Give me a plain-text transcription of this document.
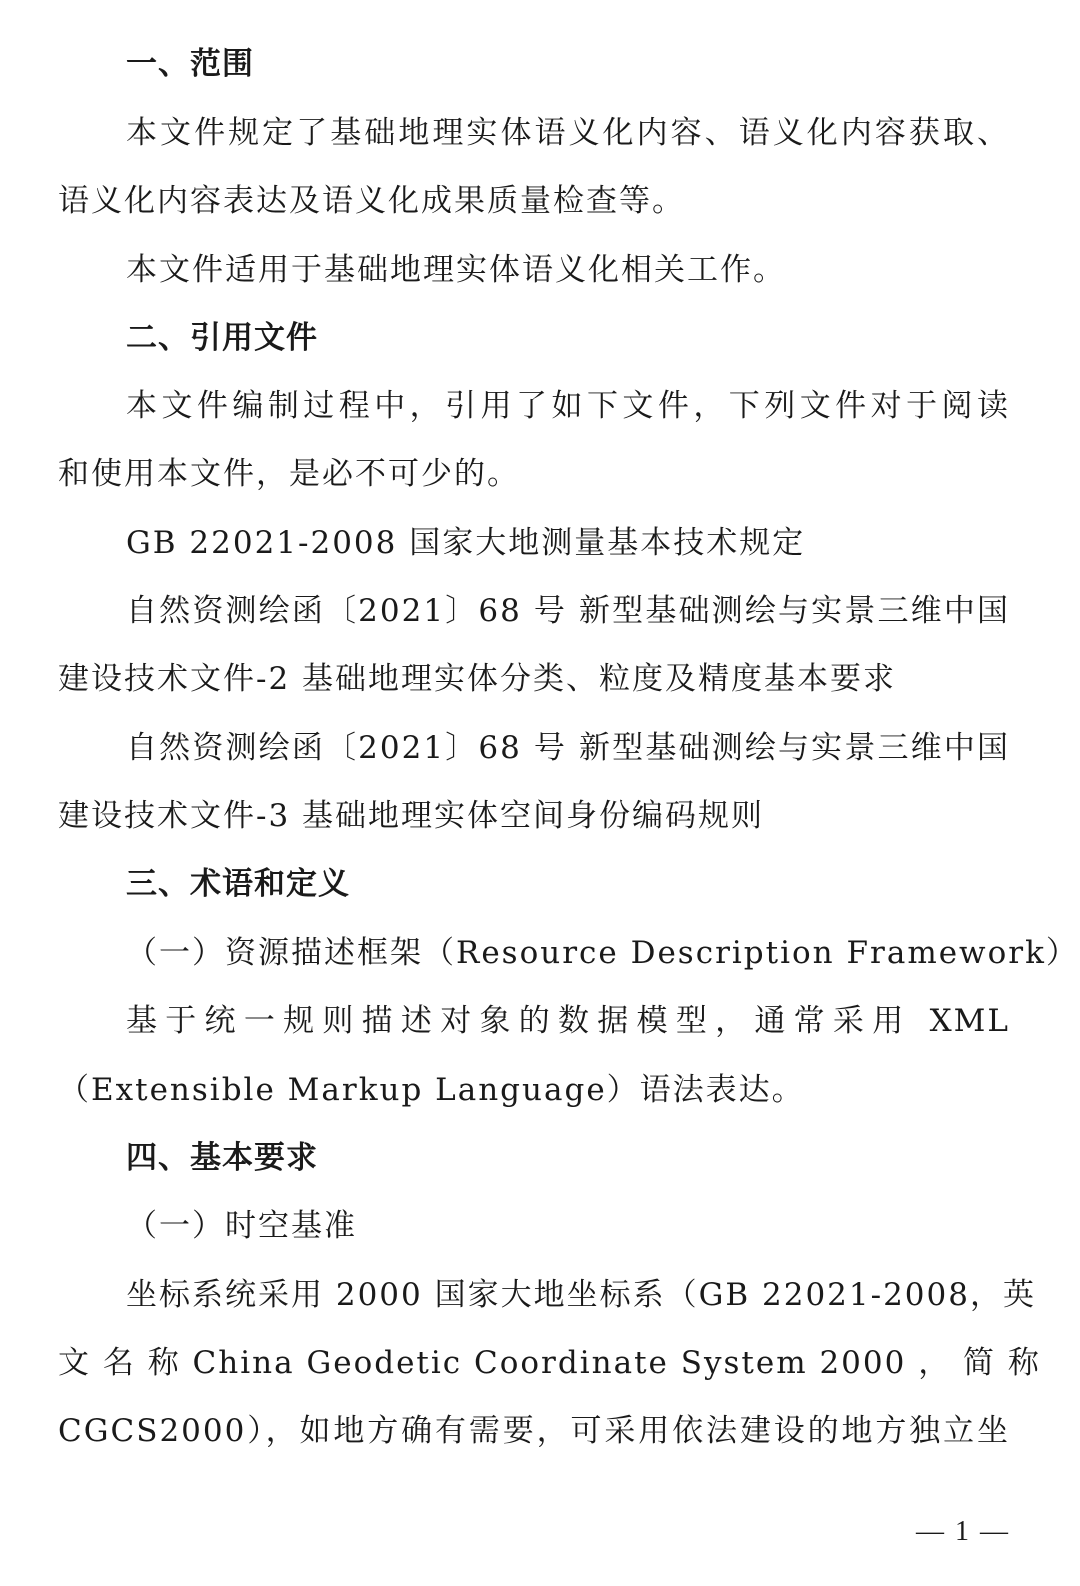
一、范围
本文件规定了基础地理实体语义化内容、语义化内容获取、
语义化内容表达及语义化成果质量检查等。
本文件适用于基础地理实体语义化相关工作。
二、引用文件
本文件编制过程中，引用了如下文件，下列文件对于阅读
和使用本文件，是必不可少的。
GB 22021-2008 国家大地测量基本技术规定
自然资测绘函〔2021〕68 号 新型基础测绘与实景三维中国
建设技术文件-2 基础地理实体分类、粒度及精度基本要求
自然资测绘函〔2021〕68 号 新型基础测绘与实景三维中国
建设技术文件-3 基础地理实体空间身份编码规则
三、术语和定义
（一）资源描述框架（Resource Description Framework）
基于统一规则描述对象的数据模型，通常采用 XML
（Extensible Markup Language）语法表达。
四、基本要求
（一）时空基准
坐标系统采用 2000 国家大地坐标系（GB 22021-2008，英
文 名 称 China Geodetic Coordinate System 2000 ， 简 称
CGCS2000），如地方确有需要，可采用依法建设的地方独立坐
— 1 —
